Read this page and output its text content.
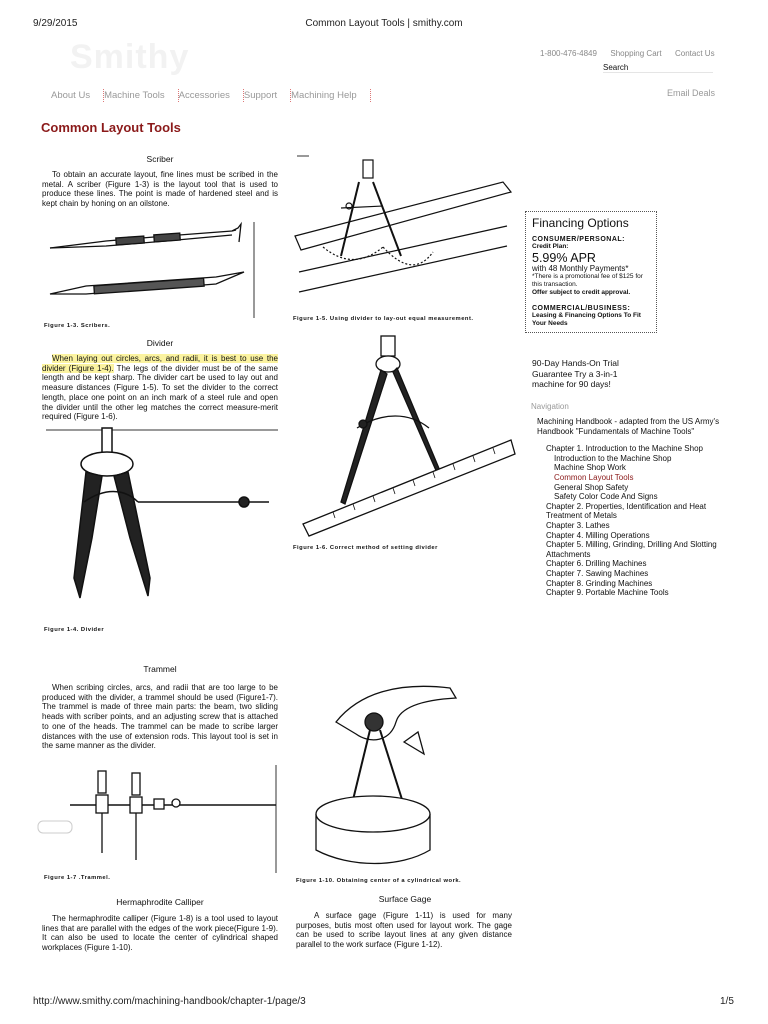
9/29/2015	Common Layout Tools | smithy.com
Smithy	1-800-476-4849 Shopping Cart Contact Us
Search
About Us Machine Tools Accessories Support Machining Help	Email Deals
Common Layout Tools
Scriber
To obtain an accurate layout, fine lines must be scribed in the metal. A scriber (Figure 1-3) is the layout tool that is used to produce these lines. The point is made of hardened steel and is kept chain by honing on an oilstone.
Figure 1-3. Scribers.
Divider
When laying out circles, arcs, and radii, it is best to use the divider (Figure 1-4). The legs of the divider must be of the same length and be kept sharp. The divider cart be used to lay out and measure distances (Figure 1-5). To set the divider to the correct length, place one point on an inch mark of a steel rule and open the divider until the other leg matches the correct measure-merit required (Figure 1-6).
Figure 1-4. Divider
Trammel
When scribing circles, arcs, and radii that are too large to be produced with the divider, a trammel should be used (Figure1-7). The trammel is made of three main parts: the beam, two sliding heads with scriber points, and an adjusting screw that is attached to one of the heads. The trammel can be made to scribe larger distances with the use of extension rods. This layout tool is set in the same manner as the divider.
Figure 1-7 .Trammel.
Hermaphrodite Calliper
The hermaphrodite calliper (Figure 1-8) is a tool used to layout lines that are parallel with the edges of the work piece(Figure 1-9). It can also be used to locate the center of cylindrical shaped workplaces (Figure 1-10).
Figure 1-5. Using divider to lay-out equal measurement.
Figure 1-6. Correct method of setting divider
Figure 1-10. Obtaining center of a cylindrical work.
Surface Gage
A surface gage (Figure 1-11) is used for many purposes, butis most often used for layout work. The gage can be used to scribe layout lines at any given distance parallel to the work surface (Figure 1-12).
Financing Options
CONSUMER/PERSONAL:
Credit Plan:
5.99% APR
with 48 Monthly Payments*
*There is a promotional fee of $125 for this transaction.
Offer subject to credit approval.
COMMERCIAL/BUSINESS:
Leasing & Financing Options To Fit Your Needs
90-Day Hands-On Trial Guarantee Try a 3-in-1 machine for 90 days!
Navigation
Machining Handbook - adapted from the US Army's Handbook "Fundamentals of Machine Tools"
Chapter 1. Introduction to the Machine Shop
Introduction to the Machine Shop
Machine Shop Work
Common Layout Tools
General Shop Safety
Safety Color Code And Signs
Chapter 2. Properties, Identification and Heat Treatment of Metals
Chapter 3. Lathes
Chapter 4. Milling Operations
Chapter 5. Milling, Grinding, Drilling And Slotting Attachments
Chapter 6. Drilling Machines
Chapter 7. Sawing Machines
Chapter 8. Grinding Machines
Chapter 9. Portable Machine Tools
http://www.smithy.com/machining-handbook/chapter-1/page/3	1/5
